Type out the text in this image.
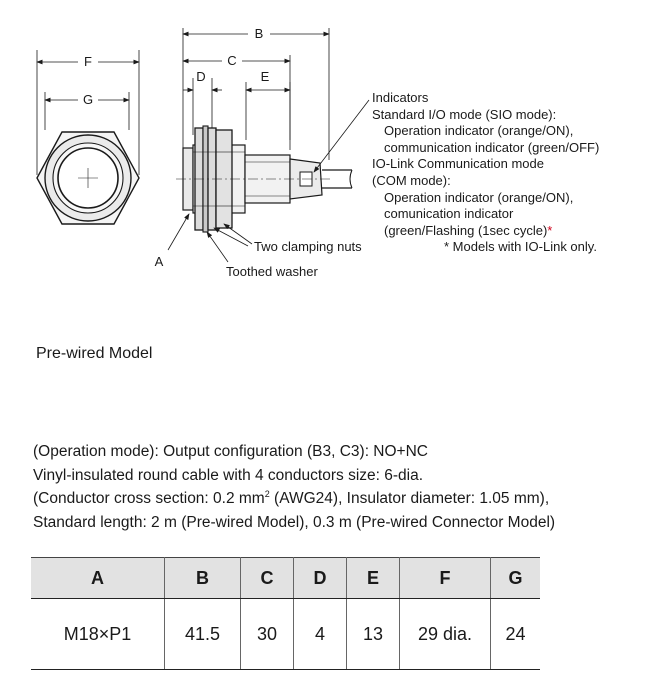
B
C
D	E
F
G
A
Two clamping nuts
Toothed washer
Indicators
Standard I/O mode (SIO mode):
Operation indicator (orange/ON),
communication indicator (green/OFF)
IO-Link Communication mode
(COM mode):
Operation indicator (orange/ON),
comunication indicator
(green/Flashing (1sec cycle)*
* Models with IO-Link only.
Pre-wired Model
(Operation mode): Output configuration (B3, C3): NO+NC
Vinyl-insulated round cable with 4 conductors size: 6-dia.
(Conductor cross section: 0.2 $mm^2$ (AWG24), Insulator diameter: 1.05 mm),
Standard length: 2 m (Pre-wired Model), 0.3 m (Pre-wired Connector Model)
A	B	C	D	E	F	G
M18×P1	41.5	30	4	13	29 dia.	24
